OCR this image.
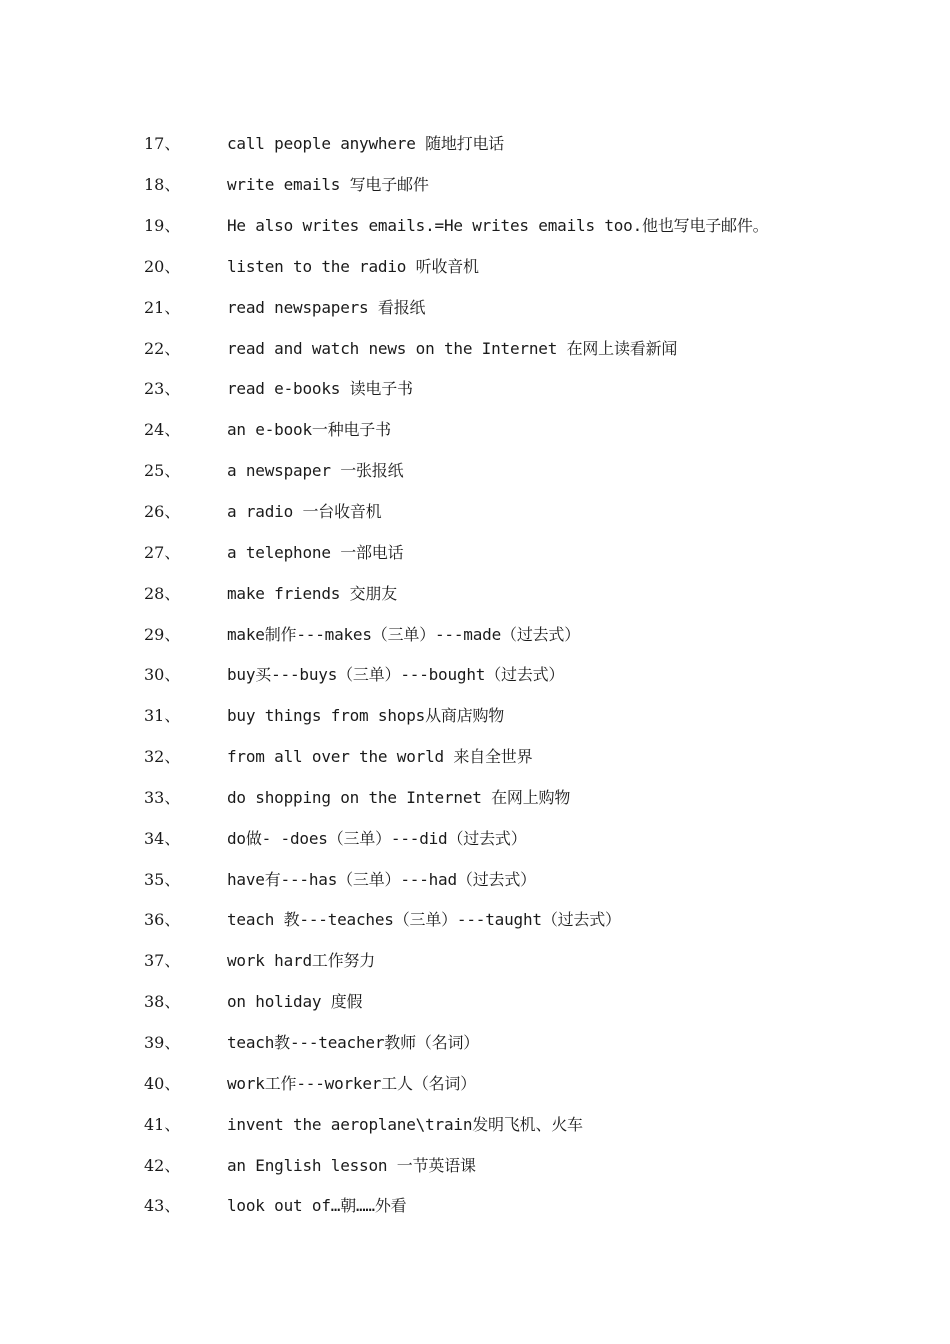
17、	call people anywhere 随地打电话
18、	write emails 写电子邮件
19、	He also writes emails.=He writes emails too.他也写电子邮件。
20、	listen to the radio 听收音机
21、	read newspapers 看报纸
22、	read and watch news on the Internet 在网上读看新闻
23、	read e-books 读电子书
24、	an e-book一种电子书
25、	a newspaper 一张报纸
26、	a radio 一台收音机
27、	a telephone 一部电话
28、	make friends 交朋友
29、	make制作---makes（三单）---made（过去式）
30、	buy买---buys（三单）---bought（过去式）
31、	buy things from shops从商店购物
32、	from all over the world 来自全世界
33、	do shopping on the Internet 在网上购物
34、	do做- -does（三单）---did（过去式）
35、	have有---has（三单）---had（过去式）
36、	teach 教---teaches（三单）---taught（过去式）
37、	work hard工作努力
38、	on holiday 度假
39、	teach教---teacher教师（名词）
40、	work工作---worker工人（名词）
41、	invent the aeroplane\train发明飞机、火车
42、	an English lesson 一节英语课
43、	look out of…朝……外看
